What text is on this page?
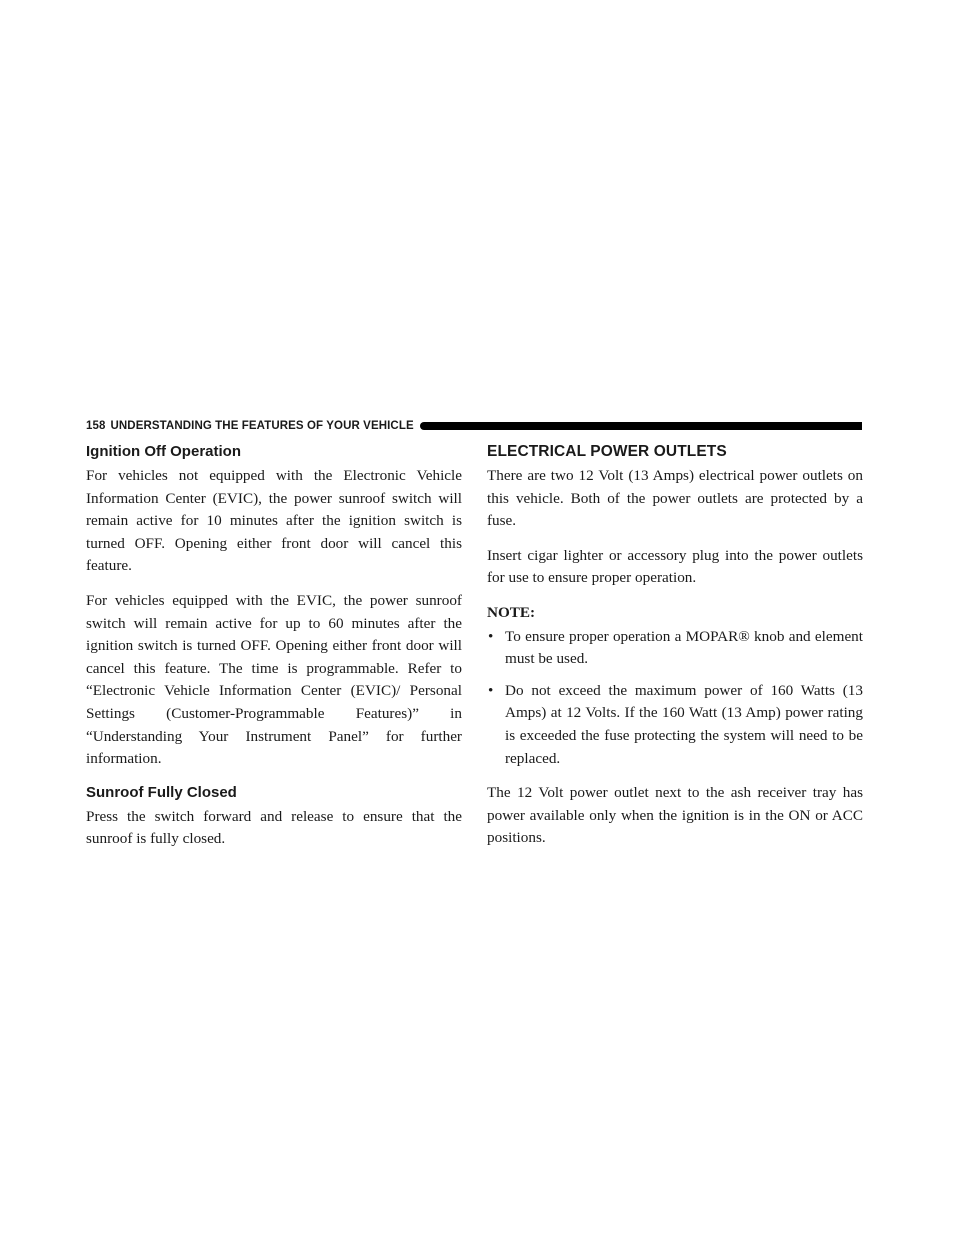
158 UNDERSTANDING THE FEATURES OF YOUR VEHICLE
Ignition Off Operation

For vehicles not equipped with the Electronic Vehicle Information Center (EVIC), the power sunroof switch will remain active for 10 minutes after the ignition switch is turned OFF. Opening either front door will cancel this feature.

For vehicles equipped with the EVIC, the power sunroof switch will remain active for up to 60 minutes after the ignition switch is turned OFF. Opening either front door will cancel this feature. The time is programmable. Refer to “Electronic Vehicle Information Center (EVIC)/ Personal Settings (Customer-Programmable Features)” in “Understanding Your Instrument Panel” for further information.

Sunroof Fully Closed

Press the switch forward and release to ensure that the sunroof is fully closed.

ELECTRICAL POWER OUTLETS

There are two 12 Volt (13 Amps) electrical power outlets on this vehicle. Both of the power outlets are protected by a fuse.

Insert cigar lighter or accessory plug into the power outlets for use to ensure proper operation.

NOTE:
• To ensure proper operation a MOPAR® knob and element must be used.
• Do not exceed the maximum power of 160 Watts (13 Amps) at 12 Volts. If the 160 Watt (13 Amp) power rating is exceeded the fuse protecting the system will need to be replaced.

The 12 Volt power outlet next to the ash receiver tray has power available only when the ignition is in the ON or ACC positions.
